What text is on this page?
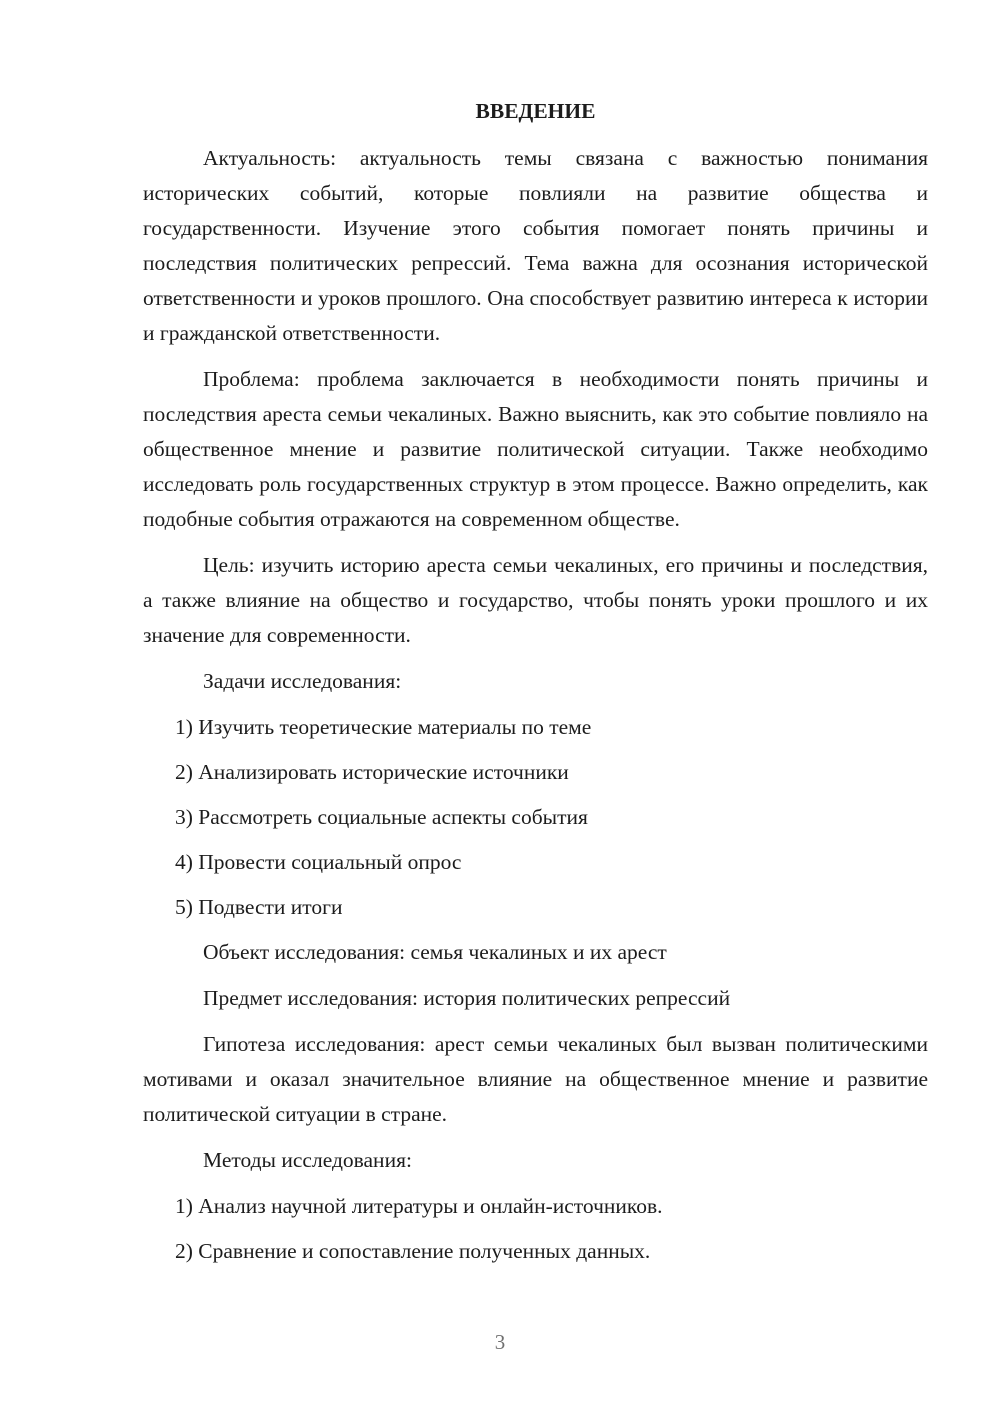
ВВЕДЕНИЕ

Актуальность: актуальность темы связана с важностью понимания исторических событий, которые повлияли на развитие общества и государственности. Изучение этого события помогает понять причины и последствия политических репрессий. Тема важна для осознания исторической ответственности и уроков прошлого. Она способствует развитию интереса к истории и гражданской ответственности.

Проблема: проблема заключается в необходимости понять причины и последствия ареста семьи чекалиных. Важно выяснить, как это событие повлияло на общественное мнение и развитие политической ситуации. Также необходимо исследовать роль государственных структур в этом процессе. Важно определить, как подобные события отражаются на современном обществе.

Цель: изучить историю ареста семьи чекалиных, его причины и последствия, а также влияние на общество и государство, чтобы понять уроки прошлого и их значение для современности.

Задачи исследования:

1) Изучить теоретические материалы по теме

2) Анализировать исторические источники

3) Рассмотреть социальные аспекты события

4) Провести социальный опрос

5) Подвести итоги

Объект исследования: семья чекалиных и их арест

Предмет исследования: история политических репрессий

Гипотеза исследования: арест семьи чекалиных был вызван политическими мотивами и оказал значительное влияние на общественное мнение и развитие политической ситуации в стране.

Методы исследования:

1) Анализ научной литературы и онлайн-источников.

2) Сравнение и сопоставление полученных данных.

3
